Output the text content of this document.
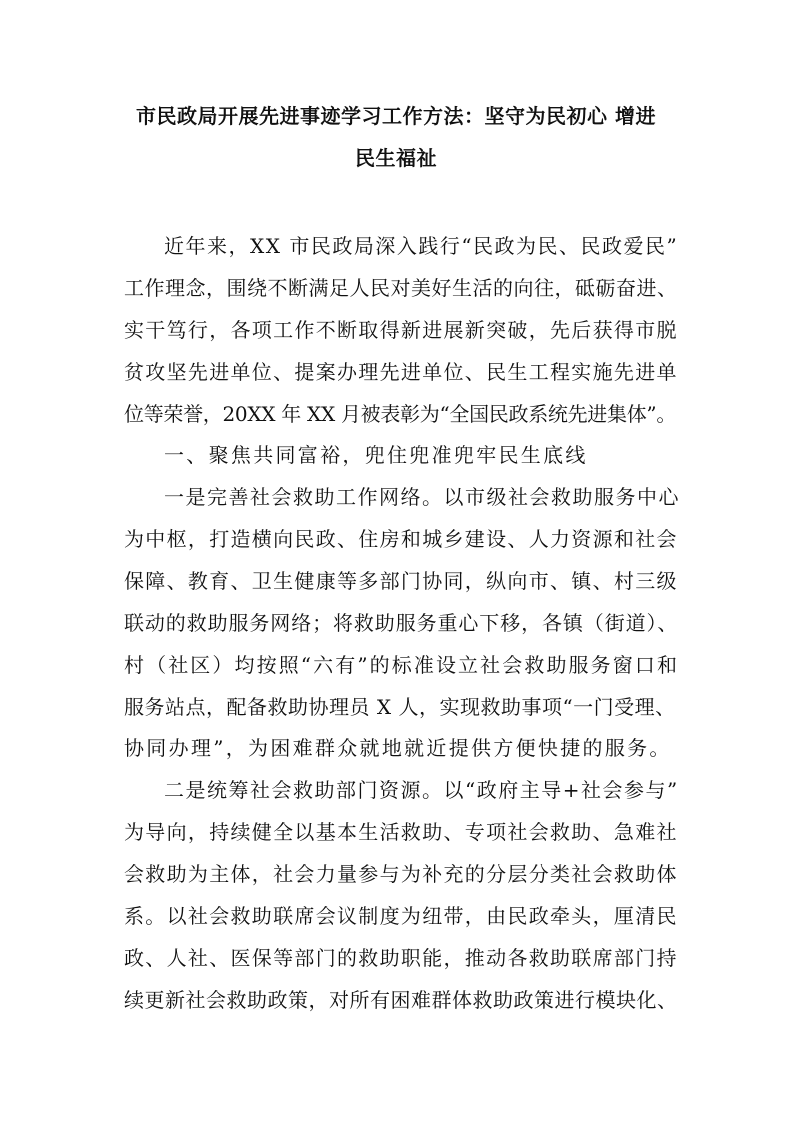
市民政局开展先进事迹学习工作方法：坚守为民初心 增进
民生福祉
近年来，XX 市民政局深入践行“民政为民、民政爱民”
工作理念，围绕不断满足人民对美好生活的向往，砥砺奋进、
实干笃行，各项工作不断取得新进展新突破，先后获得市脱
贫攻坚先进单位、提案办理先进单位、民生工程实施先进单
位等荣誉，20XX 年 XX 月被表彰为“全国民政系统先进集体”。
一、聚焦共同富裕，兜住兜准兜牢民生底线
一是完善社会救助工作网络。以市级社会救助服务中心
为中枢，打造横向民政、住房和城乡建设、人力资源和社会
保障、教育、卫生健康等多部门协同，纵向市、镇、村三级
联动的救助服务网络；将救助服务重心下移，各镇（街道）、
村（社区）均按照“六有”的标准设立社会救助服务窗口和
服务站点，配备救助协理员 X 人，实现救助事项“一门受理、
协同办理”，为困难群众就地就近提供方便快捷的服务。
二是统筹社会救助部门资源。以“政府主导+社会参与”
为导向，持续健全以基本生活救助、专项社会救助、急难社
会救助为主体，社会力量参与为补充的分层分类社会救助体
系。以社会救助联席会议制度为纽带，由民政牵头，厘清民
政、人社、医保等部门的救助职能，推动各救助联席部门持
续更新社会救助政策，对所有困难群体救助政策进行模块化、
